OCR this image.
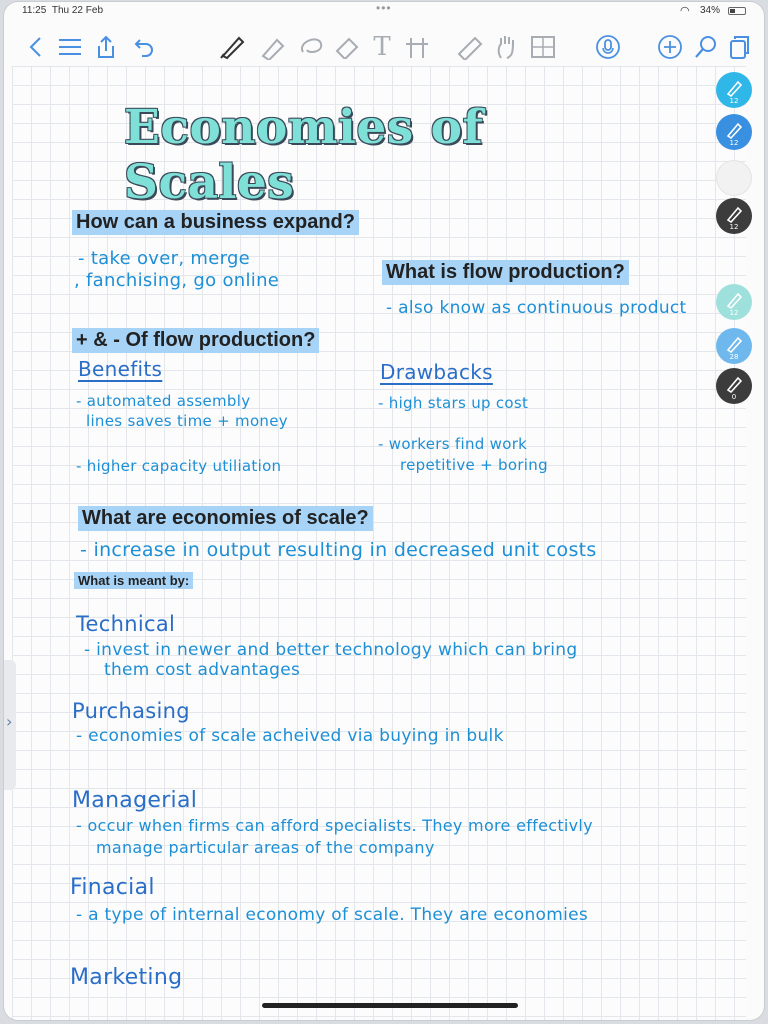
11:25 Thu 22 Feb	•••	◠ 34%
T
›
Economies of Scales
How can a business expand?
- take over, merge
, fanchising, go online	What is flow production?
- also know as continuous product
+ & - Of flow production?
Benefits
- automated assembly
lines saves time + money
- higher capacity utiliation
Drawbacks
- high stars up cost
- workers find work
repetitive + boring
What are economies of scale?
- increase in output resulting in decreased unit costs
What is meant by:
Technical
- invest in newer and better technology which can bring
them cost advantages
Purchasing
- economies of scale acheived via buying in bulk
Managerial
- occur when firms can afford specialists. They more effectivly
manage particular areas of the company
Finacial
- a type of internal economy of scale. They are economies
Marketing
12
12
12
12
28
0
